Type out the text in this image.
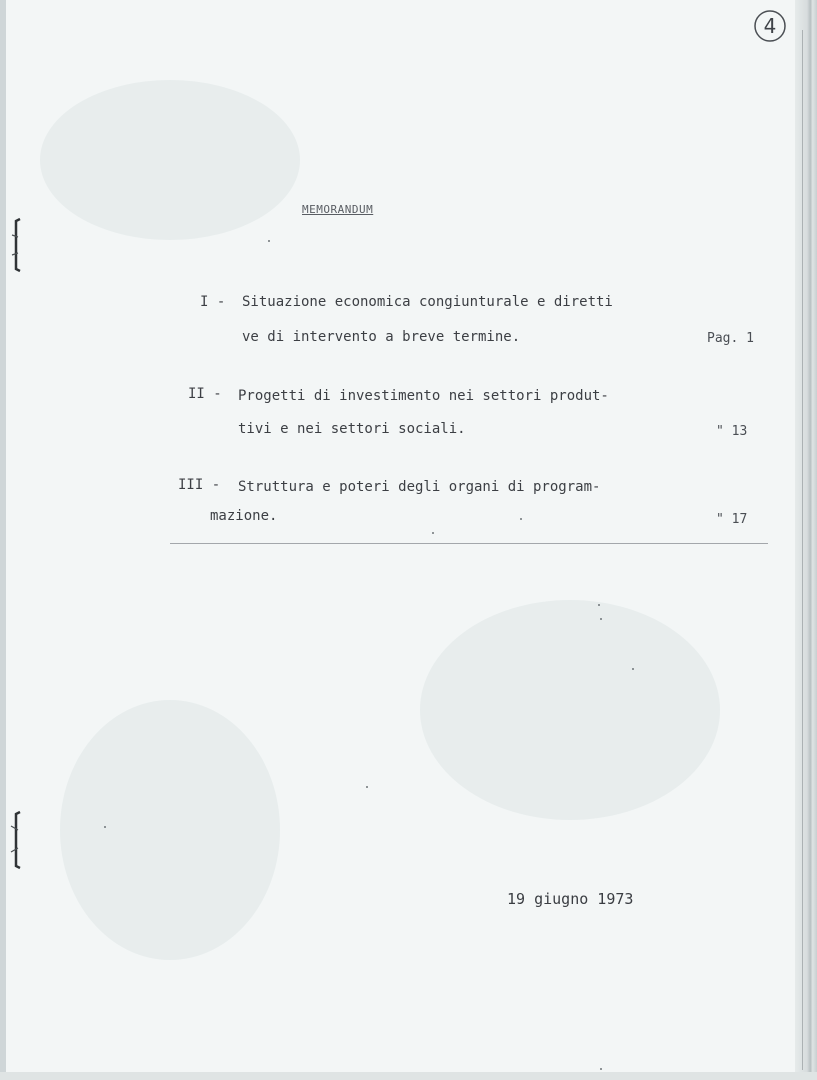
4
MEMORANDUM
I - Situazione economica congiunturale e diretti
ve di intervento a breve termine.	Pag. 1
II - Progetti di investimento nei settori produt-
tivi e nei settori sociali.	" 13
III - Struttura e poteri degli organi di program-
mazione.	" 17
19 giugno 1973
